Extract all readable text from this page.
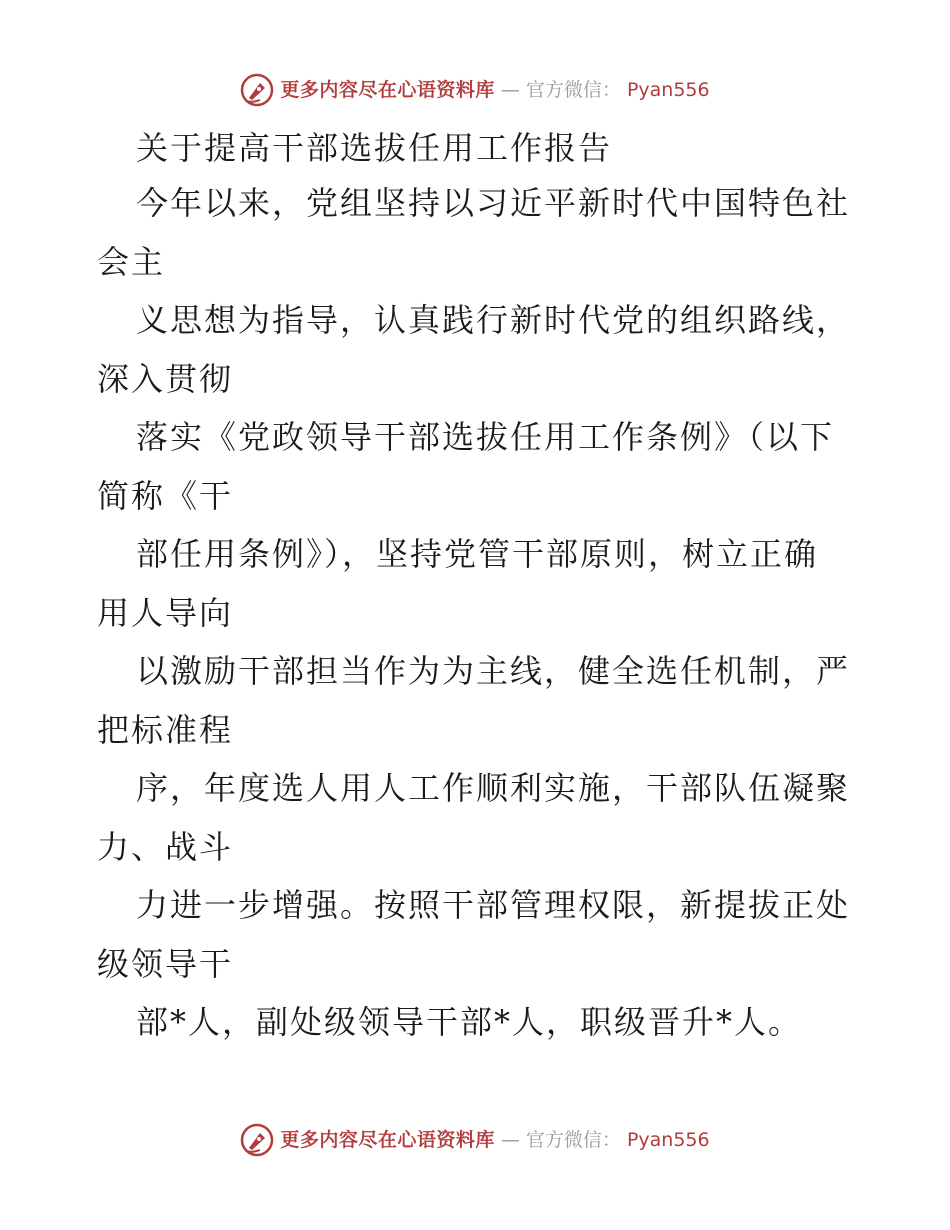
更多内容尽在心语资料库 — 官方微信： Pyan556
关于提高干部选拔任用工作报告
今年以来，党组坚持以习近平新时代中国特色社
会主
义思想为指导，认真践行新时代党的组织路线，
深入贯彻
落实《党政领导干部选拔任用工作条例》（以下
简称《干
部任用条例》），坚持党管干部原则，树立正确
用人导向
以激励干部担当作为为主线，健全选任机制，严
把标准程
序，年度选人用人工作顺利实施，干部队伍凝聚
力、战斗
力进一步增强。按照干部管理权限，新提拔正处
级领导干
部*人，副处级领导干部*人，职级晋升*人。
更多内容尽在心语资料库 — 官方微信： Pyan556
